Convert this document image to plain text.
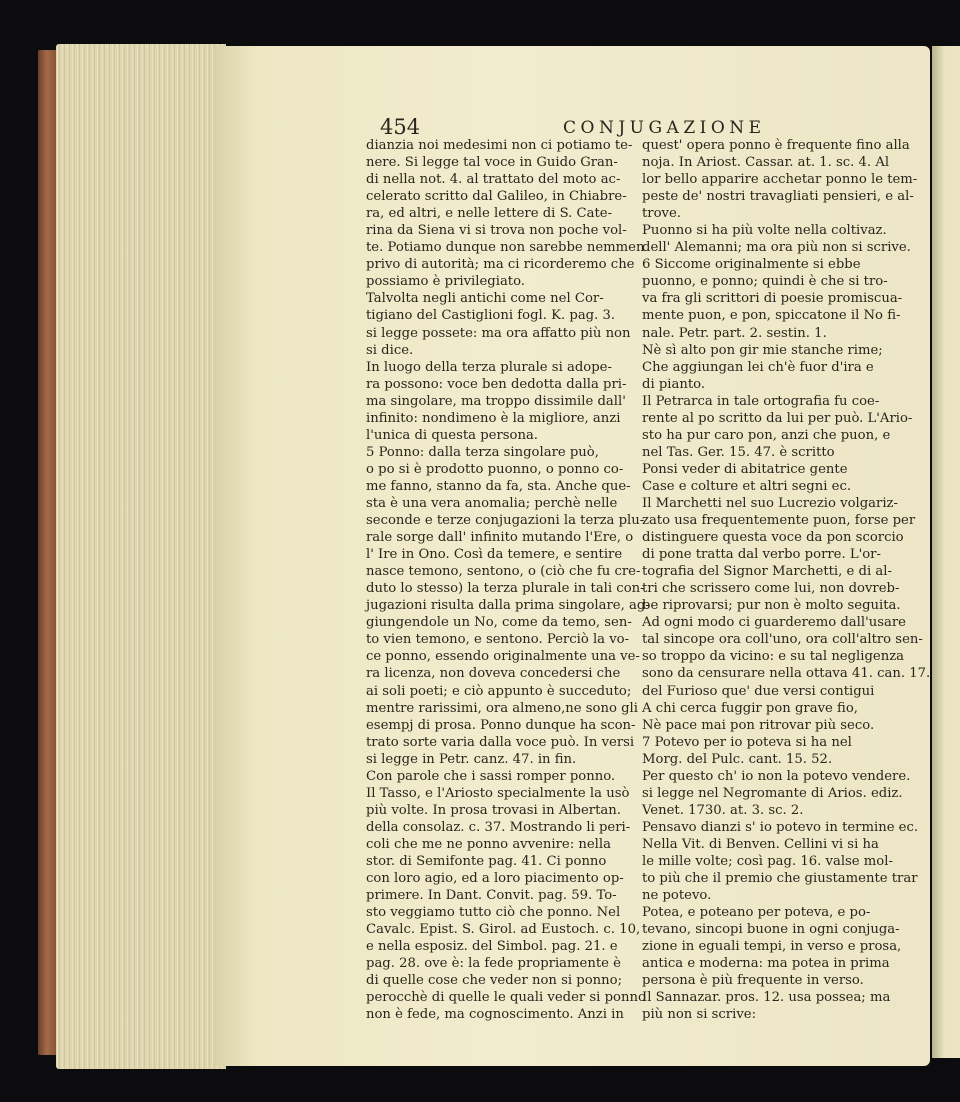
454	CONJUGAZIONE

dianzia noi medesimi non ci potiamo te-

nere. Si legge tal voce in Guido Gran-

di nella not. 4. al trattato del moto ac-

celerato scritto dal Galileo, in Chiabre-

ra, ed altri, e nelle lettere di S. Cate-

rina da Siena vi si trova non poche vol-

te. Potiamo dunque non sarebbe nemmen

privo di autorità; ma ci ricorderemo che

possiamo è privilegiato.

Talvolta negli antichi come nel Cor-

tigiano del Castiglioni fogl. K. pag. 3.

si legge possete: ma ora affatto più non

si dice.

In luogo della terza plurale si adope-

ra possono: voce ben dedotta dalla pri-

ma singolare, ma troppo dissimile dall'

infinito: nondimeno è la migliore, anzi

l'unica di questa persona.

5 Ponno: dalla terza singolare può,

o po si è prodotto puonno, o ponno co-

me fanno, stanno da fa, sta. Anche que-

sta è una vera anomalia; perchè nelle

seconde e terze conjugazioni la terza plu-

rale sorge dall' infinito mutando l'Ere, o

l' Ire in Ono. Così da temere, e sentire

nasce temono, sentono, o (ciò che fu cre-

duto lo stesso) la terza plurale in tali con-

jugazioni risulta dalla prima singolare, ag-

giungendole un No, come da temo, sen-

to vien temono, e sentono. Perciò la vo-

ce ponno, essendo originalmente una ve-

ra licenza, non doveva concedersi che

ai soli poeti; e ciò appunto è succeduto;

mentre rarissimi, ora almeno,ne sono gli

esempj di prosa. Ponno dunque ha scon-

trato sorte varia dalla voce può. In versi

si legge in Petr. canz. 47. in fin.

Con parole che i sassi romper ponno.

Il Tasso, e l'Ariosto specialmente la usò

più volte. In prosa trovasi in Albertan.

della consolaz. c. 37. Mostrando li peri-

coli che me ne ponno avvenire: nella

stor. di Semifonte pag. 41. Ci ponno

con loro agio, ed a loro piacimento op-

primere. In Dant. Convit. pag. 59. To-

sto veggiamo tutto ciò che ponno. Nel

Cavalc. Epist. S. Girol. ad Eustoch. c. 10,

e nella esposiz. del Simbol. pag. 21. e

pag. 28. ove è: la fede propriamente è

di quelle cose che veder non si ponno;

perocchè di quelle le quali veder si ponno

non è fede, ma cognoscimento. Anzi in

quest' opera ponno è frequente fino alla

noja. In Ariost. Cassar. at. 1. sc. 4. Al

lor bello apparire acchetar ponno le tem-

peste de' nostri travagliati pensieri, e al-

trove.

Puonno si ha più volte nella coltivaz.

dell' Alemanni; ma ora più non si scrive.

6 Siccome originalmente si ebbe

puonno, e ponno; quindi è che si tro-

va fra gli scrittori di poesie promiscua-

mente puon, e pon, spiccatone il No fi-

nale. Petr. part. 2. sestin. 1.

Nè sì alto pon gir mie stanche rime;

Che aggiungan lei ch'è fuor d'ira e

di pianto.

Il Petrarca in tale ortografia fu coe-

rente al po scritto da lui per può. L'Ario-

sto ha pur caro pon, anzi che puon, e

nel Tas. Ger. 15. 47. è scritto

Ponsi veder di abitatrice gente

Case e colture et altri segni ec.

Il Marchetti nel suo Lucrezio volgariz-

zato usa frequentemente puon, forse per

distinguere questa voce da pon scorcio

di pone tratta dal verbo porre. L'or-

tografia del Signor Marchetti, e di al-

tri che scrissero come lui, non dovreb-

be riprovarsi; pur non è molto seguita.

Ad ogni modo ci guarderemo dall'usare

tal sincope ora coll'uno, ora coll'altro sen-

so troppo da vicino: e su tal negligenza

sono da censurare nella ottava 41. can. 17.

del Furioso que' due versi contigui

A chi cerca fuggir pon grave fio,

Nè pace mai pon ritrovar più seco.

7 Potevo per io poteva si ha nel

Morg. del Pulc. cant. 15. 52.

Per questo ch' io non la potevo vendere.

si legge nel Negromante di Arios. ediz.

Venet. 1730. at. 3. sc. 2.

Pensavo dianzi s' io potevo in termine ec.

Nella Vit. di Benven. Cellini vi si ha

le mille volte; così pag. 16. valse mol-

to più che il premio che giustamente trar

ne potevo.

Potea, e poteano per poteva, e po-

tevano, sincopi buone in ogni conjuga-

zione in eguali tempi, in verso e prosa,

antica e moderna: ma potea in prima

persona è più frequente in verso.

Il Sannazar. pros. 12. usa possea; ma

più non si scrive:
